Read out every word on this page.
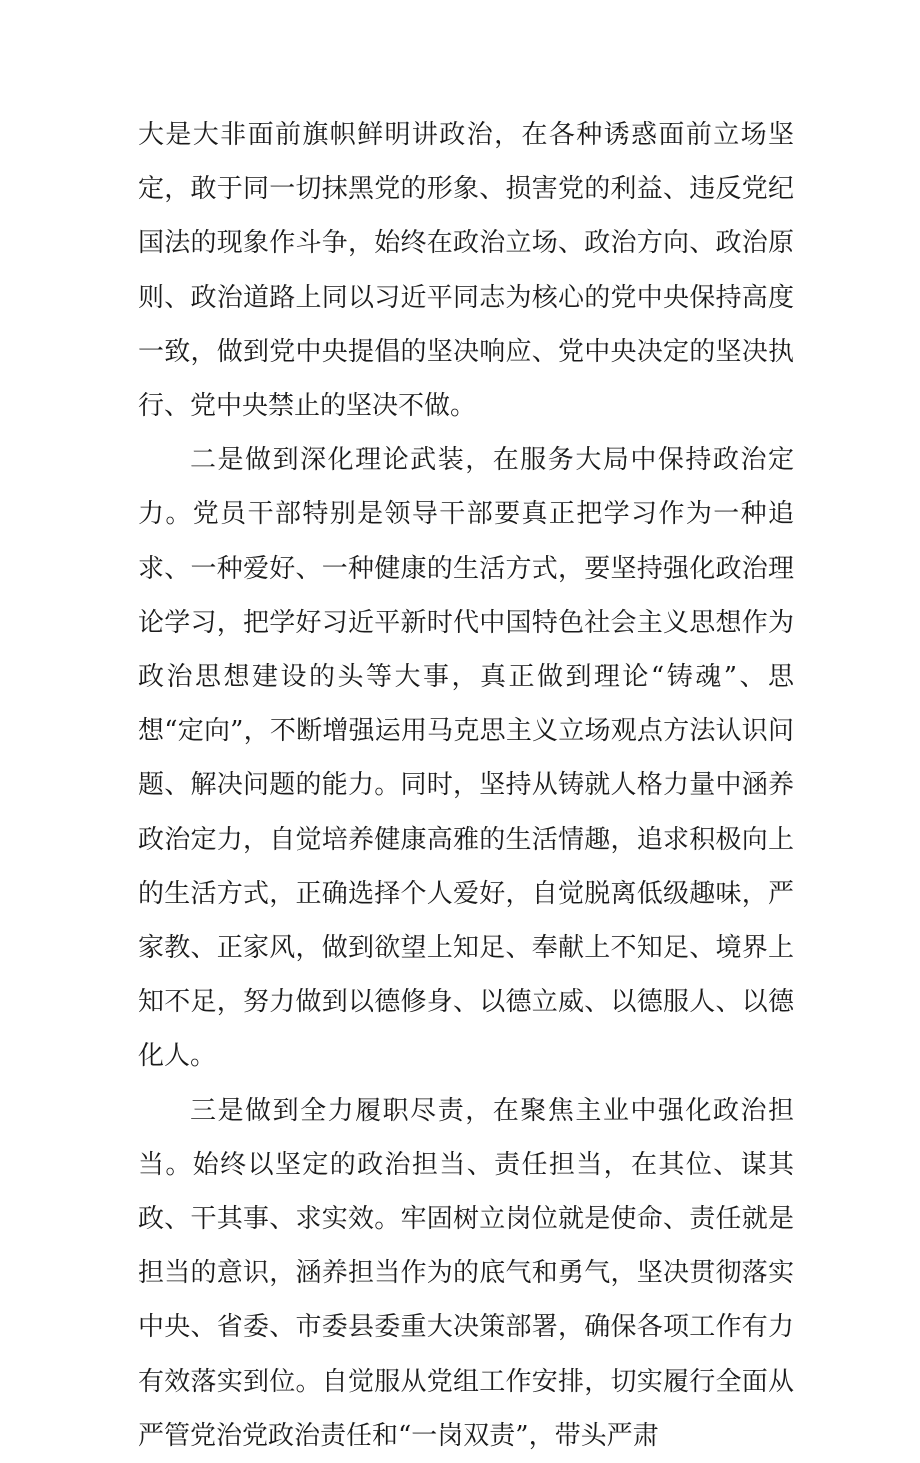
大是大非面前旗帜鲜明讲政治，在各种诱惑面前立场坚定，敢于同一切抹黑党的形象、损害党的利益、违反党纪国法的现象作斗争，始终在政治立场、政治方向、政治原则、政治道路上同以习近平同志为核心的党中央保持高度一致，做到党中央提倡的坚决响应、党中央决定的坚决执行、党中央禁止的坚决不做。

二是做到深化理论武装，在服务大局中保持政治定力。党员干部特别是领导干部要真正把学习作为一种追求、一种爱好、一种健康的生活方式，要坚持强化政治理论学习，把学好习近平新时代中国特色社会主义思想作为政治思想建设的头等大事，真正做到理论“铸魂”、思想“定向”，不断增强运用马克思主义立场观点方法认识问题、解决问题的能力。同时，坚持从铸就人格力量中涵养政治定力，自觉培养健康高雅的生活情趣，追求积极向上的生活方式，正确选择个人爱好，自觉脱离低级趣味，严家教、正家风，做到欲望上知足、奉献上不知足、境界上知不足，努力做到以德修身、以德立威、以德服人、以德化人。

三是做到全力履职尽责，在聚焦主业中强化政治担当。始终以坚定的政治担当、责任担当，在其位、谋其政、干其事、求实效。牢固树立岗位就是使命、责任就是担当的意识，涵养担当作为的底气和勇气，坚决贯彻落实中央、省委、市委县委重大决策部署，确保各项工作有力有效落实到位。自觉服从党组工作安排，切实履行全面从严管党治党政治责任和“一岗双责”，带头严肃
